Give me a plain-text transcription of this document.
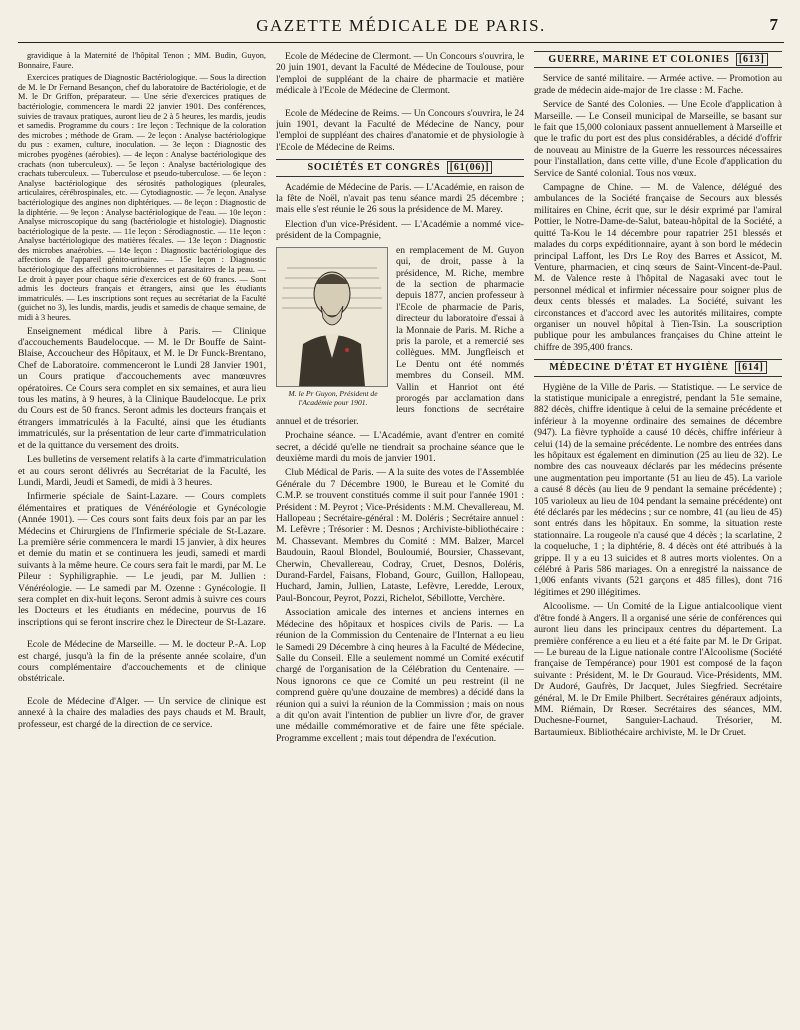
GAZETTE MÉDICALE DE PARIS.	7

gravidique à la Maternité de l'hôpital Tenon ; MM. Budin, Guyon, Bonnaire, Faure.

Exercices pratiques de Diagnostic Bactériologique. — Sous la direction de M. le Dr Fernand Besançon, chef du laboratoire de Bactériologie, et de M. le Dr Griffon, préparateur. — Une série d'exercices pratiques de bactériologie, commencera le mardi 22 janvier 1901. Des conférences, suivies de travaux pratiques, auront lieu de 2 à 5 heures, les mardis, jeudis et samedis. Programme du cours : 1re leçon : Technique de la coloration des microbes ; méthode de Gram. — 2e leçon : Analyse bactériologique du pus : examen, culture, inoculation. — 3e leçon : Diagnostic des microbes pyogènes (aérobies). — 4e leçon : Analyse bactériologique des crachats (non tuberculeux). — 5e leçon : Analyse bactériologique des crachats tuberculeux. — Tuberculose et pseudo-tuberculose. — 6e leçon : Analyse bactériologique des sérosités pathologiques (pleurales, articulaires, cérébrospinales, etc. — Cytodiagnostic. — 7e leçon. Analyse bactériologique des angines non diphtériques. — 8e leçon : Diagnostic de la diphtérie. — 9e leçon : Analyse bactériologique de l'eau. — 10e leçon : Analyse microscopique du sang (bactériologie et histologie). Diagnostic bactériologique de la peste. — 11e leçon : Sérodiagnostic. — 11e leçon : Analyse bactériologique des matières fécales. — 13e leçon : Diagnostic des microbes anaérobies. — 14e leçon : Diagnostic bactériologique des affections de l'appareil génito-urinaire. — 15e leçon : Diagnostic bactériologique des affections microbiennes et parasitaires de la peau. — Le droit à payer pour chaque série d'exercices est de 60 francs. — Sont admis les docteurs français et étrangers, ainsi que les étudiants immatriculés. — Les inscriptions sont reçues au secrétariat de la Faculté (guichet no 3), les lundis, mardis, jeudis et samedis de chaque semaine, de midi à 3 heures.

Enseignement médical libre à Paris. — Clinique d'accouchements Baudelocque. — M. le Dr Bouffe de Saint-Blaise, Accoucheur des Hôpitaux, et M. le Dr Funck-Brentano, Chef de Laboratoire. commenceront le Lundi 28 Janvier 1901, un Cours pratique d'accouchements avec manœuvres opératoires. Ce Cours sera complet en six semaines, et aura lieu tous les matins, à 9 heures, à la Clinique Baudelocque. Le prix du Cours est de 50 francs. Seront admis les docteurs français et étrangers immatriculés à la Faculté, ainsi que les étudiants immatriculés, sur la présentation de leur carte d'immatriculation et de la quittance du versement des droits.

Les bulletins de versement relatifs à la carte d'immatriculation et au cours seront délivrés au Secrétariat de la Faculté, les Lundi, Mardi, Jeudi et Samedi, de midi à 3 heures.

Infirmerie spéciale de Saint-Lazare. — Cours complets élémentaires et pratiques de Vénéréologie et Gynécologie (Année 1901). — Ces cours sont faits deux fois par an par les Médecins et Chirurgiens de l'Infirmerie spéciale de St-Lazare. La première série commencera le mardi 15 janvier, à dix heures et demie du matin et se continuera les jeudi, samedi et mardi suivants à la même heure. Ce cours sera fait le mardi, par M. Le Pileur : Syphiligraphie. — Le jeudi, par M. Jullien : Vénéréologie. — Le samedi par M. Ozenne : Gynécologie. Il sera complet en dix-huit leçons. Seront admis à suivre ces cours les Docteurs et les étudiants en médecine, pourvus de 16 inscriptions qui se feront inscrire chez le Directeur de St-Lazare.

Ecole de Médecine de Marseille. — M. le docteur P.-A. Lop est chargé, jusqu'à la fin de la présente année scolaire, d'un cours complémentaire d'accouchements et de clinique obstétricale.

Ecole de Médecine d'Alger. — Un service de clinique est annexé à la chaire des maladies des pays chauds et M. Brault, professeur, est chargé de la direction de ce service.

Ecole de Médecine de Clermont. — Un Concours s'ouvrira, le 20 juin 1901, devant la Faculté de Médecine de Toulouse, pour l'emploi de suppléant de la chaire de pharmacie et matière médicale à l'Ecole de Médecine de Clermont.

Ecole de Médecine de Reims. — Un Concours s'ouvrira, le 24 juin 1901, devant la Faculté de Médecine de Nancy, pour l'emploi de suppléant des chaires d'anatomie et de physiologie à l'Ecole de Médecine de Reims.

SOCIÉTÉS ET CONGRÈS [61(06)]

Académie de Médecine de Paris. — L'Académie, en raison de la fête de Noël, n'avait pas tenu séance mardi 25 décembre ; mais elle s'est réunie le 26 sous la présidence de M. Marey.

Election d'un vice-Président. — L'Académie a nommé vice-président de la Compagnie,

M. le Pr Guyon, Président de l'Académie pour 1901.

en remplacement de M. Guyon qui, de droit, passe à la présidence, M. Riche, membre de la section de pharmacie depuis 1877, ancien professeur à l'Ecole de pharmacie de Paris, directeur du laboratoire d'essai à la Monnaie de Paris. M. Riche a pris la parole, et a remercié ses collègues. MM. Jungfleisch et Le Dentu ont été nommés membres du Conseil. MM. Vallin et Hanriot ont été prorogés par acclamation dans leurs fonctions de secrétaire annuel et de trésorier.

Prochaine séance. — L'Académie, avant d'entrer en comité secret, a décidé qu'elle ne tiendrait sa prochaine séance que le deuxième mardi du mois de janvier 1901.

Club Médical de Paris. — A la suite des votes de l'Assemblée Générale du 7 Décembre 1900, le Bureau et le Comité du C.M.P. se trouvent constitués comme il suit pour l'année 1901 : Président : M. Peyrot ; Vice-Présidents : M.M. Chevallereau, M. Hallopeau ; Secrétaire-général : M. Doléris ; Secrétaire annuel : M. Lefèvre ; Trésorier : M. Desnos ; Archiviste-bibliothécaire : M. Chassevant. Membres du Comité : MM. Balzer, Marcel Baudouin, Raoul Blondel, Bouloumié, Boursier, Chassevant, Cherwin, Chevallereau, Codray, Cruet, Desnos, Doléris, Durand-Fardel, Faisans, Floband, Gourc, Guillon, Hallopeau, Huchard, Jamin, Jullien, Lataste, Lefèvre, Leredde, Leroux, Paul-Boncour, Peyrot, Pozzi, Richelot, Sébillotte, Verchère.

Association amicale des internes et anciens internes en Médecine des hôpitaux et hospices civils de Paris. — La réunion de la Commission du Centenaire de l'Internat a eu lieu le Samedi 29 Décembre à cinq heures à la Faculté de Médecine, Salle du Conseil. Elle a seulement nommé un Comité exécutif chargé de l'organisation de la Célébration du Centenaire. — Nous ignorons ce que ce Comité un peu restreint (il ne comprend guère qu'une douzaine de membres) a décidé dans la réunion qui a suivi la réunion de la Commission ; mais on nous a dit qu'on avait l'intention de publier un livre d'or, de graver une médaille commémorative et de faire une fête spéciale. Programme excellent ; mais tout dépendra de l'exécution.

GUERRE, MARINE ET COLONIES [613]

Service de santé militaire. — Armée active. — Promotion au grade de médecin aide-major de 1re classe : M. Fache.

Service de Santé des Colonies. — Une Ecole d'application à Marseille. — Le Conseil municipal de Marseille, se basant sur le fait que 15,000 coloniaux passent annuellement à Marseille et que le trafic du port est des plus considérables, a décidé d'offrir de nouveau au Ministre de la Guerre les ressources nécessaires pour l'installation, dans cette ville, d'une Ecole d'application du Service de Santé colonial. Tous nos vœux.

Campagne de Chine. — M. de Valence, délégué des ambulances de la Société française de Secours aux blessés militaires en Chine, écrit que, sur le désir exprimé par l'amiral Pottier, le Notre-Dame-de-Salut, bateau-hôpital de la Société, a quitté Ta-Kou le 14 décembre pour rapatrier 251 blessés et malades du corps expéditionnaire, ayant à son bord le médecin principal Laffont, les Drs Le Roy des Barres et Assicot, M. Venture, pharmacien, et cinq sœurs de Saint-Vincent-de-Paul. M. de Valence reste à l'hôpital de Nagasaki avec tout le personnel médical et infirmier nécessaire pour soigner plus de deux cents blessés et malades. La Société, suivant les circonstances et d'accord avec les autorités militaires, compte organiser un nouvel hôpital à Tien-Tsin. La souscription publique pour les ambulances françaises du Chine atteint le chiffre de 395,400 francs.

MÉDECINE D'ÉTAT ET HYGIÈNE [614]

Hygiène de la Ville de Paris. — Statistique. — Le service de la statistique municipale a enregistré, pendant la 51e semaine, 882 décès, chiffre identique à celui de la semaine précédente et inférieur à la moyenne ordinaire des semaines de décembre (947). La fièvre typhoïde a causé 10 décès, chiffre inférieur à celui (14) de la semaine précédente. Le nombre des entrées dans les hôpitaux est également en diminution (25 au lieu de 32). Le nombre des cas nouveaux déclarés par les médecins présente une augmentation peu importante (51 au lieu de 45). La variole a causé 8 décès (au lieu de 9 pendant la semaine précédente) ; 105 varioleux au lieu de 104 pendant la semaine précédente) ont été déclarés par les médecins ; sur ce nombre, 41 (au lieu de 45) sont entrés dans les hôpitaux. En somme, la situation reste stationnaire. La rougeole n'a causé que 4 décès ; la scarlatine, 2 la coqueluche, 1 ; la diphtérie, 8. 4 décès ont été attribués à la grippe. Il y a eu 13 suicides et 8 autres morts violentes. On a célébré à Paris 586 mariages. On a enregistré la naissance de 1,006 enfants vivants (521 garçons et 485 filles), dont 716 légitimes et 290 illégitimes.

Alcoolisme. — Un Comité de la Ligue antialcoolique vient d'être fondé à Angers. Il a organisé une série de conférences qui auront lieu dans les principaux centres du département. La première conférence a eu lieu et a été faite par M. le Dr Gripat. — Le bureau de la Ligue nationale contre l'Alcoolisme (Société française de Tempérance) pour 1901 est composé de la façon suivante : Président, M. le Dr Gouraud. Vice-Présidents, MM. Dr Audoré, Gaufrès, Dr Jacquet, Jules Siegfried. Secrétaire général, M. le Dr Emile Philbert. Secrétaires généraux adjoints, MM. Riémain, Dr Rœser. Secrétaires des séances, MM. Duchesne-Fournet, Sanguier-Lachaud. Trésorier, M. Bartaumieux. Bibliothécaire archiviste, M. le Dr Cruet.
